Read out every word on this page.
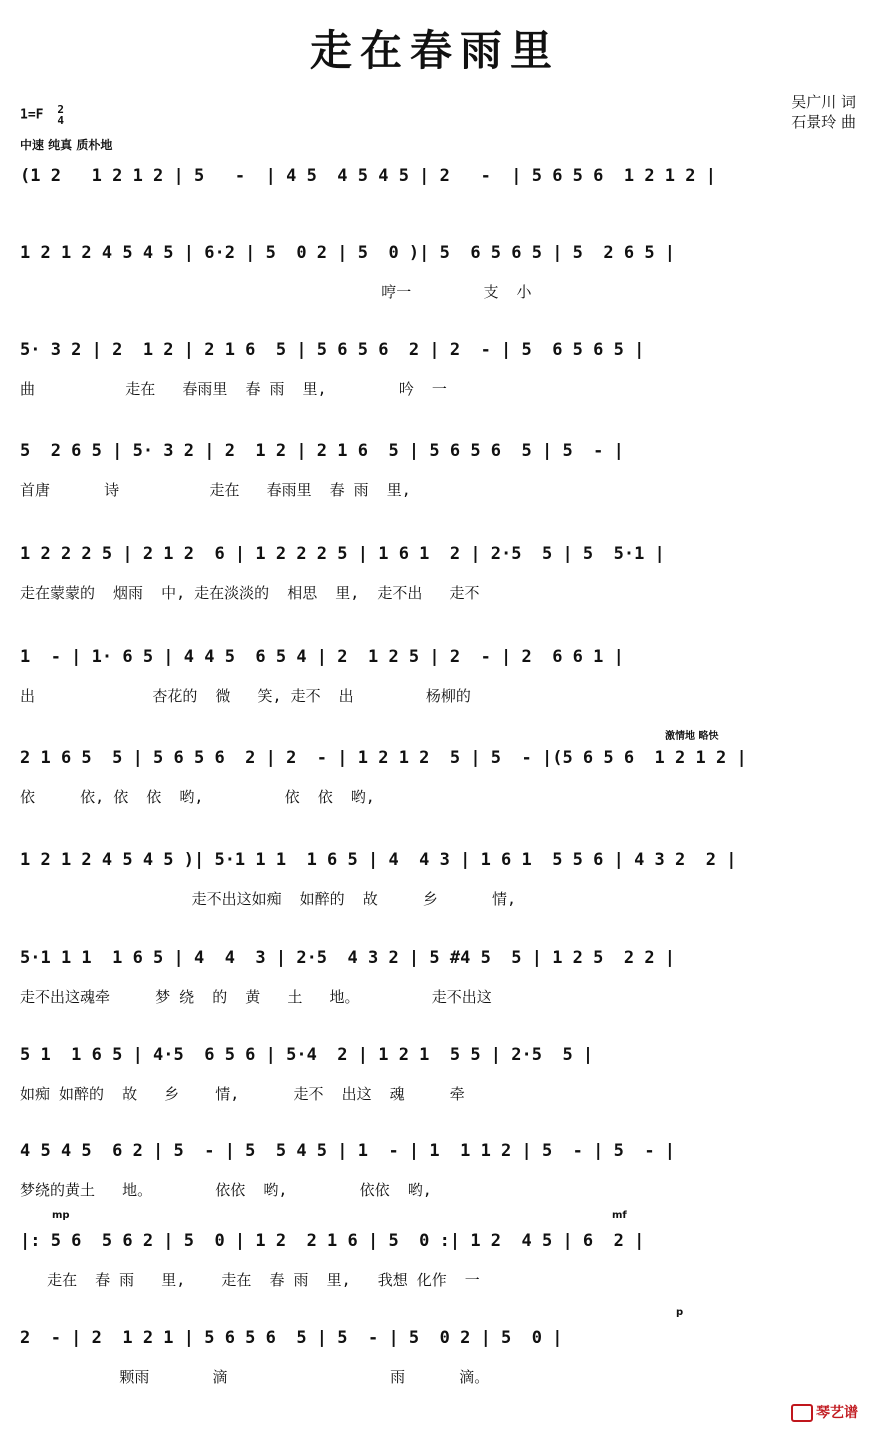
走在春雨里
吴广川 词
石景玲 曲
1=F 2
4
中速 纯真 质朴地
(1 2   1 2 1 2 | 5   -  | 4 5  4 5 4 5 | 2   -  | 5 6 5 6  1 2 1 2 |
1 2 1 2 4 5 4 5 | 6·2 | 5  0 2 | 5  0 )| 5  6 5 6 5 | 5  2 6 5 |
哼一        支  小
5· 3 2 | 2  1 2 | 2 1 6  5 | 5 6 5 6  2 | 2  - | 5  6 5 6 5 |
曲          走在   春雨里  春 雨  里,        吟  一
5  2 6 5 | 5· 3 2 | 2  1 2 | 2 1 6  5 | 5 6 5 6  5 | 5  - |
首唐      诗          走在   春雨里  春 雨  里,
1 2 2 2 5 | 2 1 2  6 | 1 2 2 2 5 | 1 6 1  2 | 2·5  5 | 5  5·1 |
走在蒙蒙的  烟雨  中, 走在淡淡的  相思  里,  走不出   走不
1  - | 1· 6 5 | 4 4 5  6 5 4 | 2  1 2 5 | 2  - | 2  6 6 1 |
出             杏花的  微   笑, 走不  出        杨柳的
激情地 略快
2 1 6 5  5 | 5 6 5 6  2 | 2  - | 1 2 1 2  5 | 5  - |(5 6 5 6  1 2 1 2 |
依     依, 依  依  哟,         依  依  哟,
1 2 1 2 4 5 4 5 )| 5·1 1 1  1 6 5 | 4  4 3 | 1 6 1  5 5 6 | 4 3 2  2 |
走不出这如痴  如醉的  故     乡      情,
5·1 1 1  1 6 5 | 4  4  3 | 2·5  4 3 2 | 5 #4 5  5 | 1 2 5  2 2 |
走不出这魂牵     梦 绕  的  黄   土   地。        走不出这
5 1  1 6 5 | 4·5  6 5 6 | 5·4  2 | 1 2 1  5 5 | 2·5  5 |
如痴 如醉的  故   乡    情,      走不  出这  魂     牵
4 5 4 5  6 2 | 5  - | 5  5 4 5 | 1  - | 1  1 1 2 | 5  - | 5  - |
梦绕的黄土   地。       依依  哟,        依依  哟,
mp	mf
|: 5 6  5 6 2 | 5  0 | 1 2  2 1 6 | 5  0 :| 1 2  4 5 | 6  2 |
走在  春 雨   里,    走在  春 雨  里,   我想 化作  一
p
2  - | 2  1 2 1 | 5 6 5 6  5 | 5  - | 5  0 2 | 5  0 |
颗雨       滴                  雨      滴。
琴艺谱
